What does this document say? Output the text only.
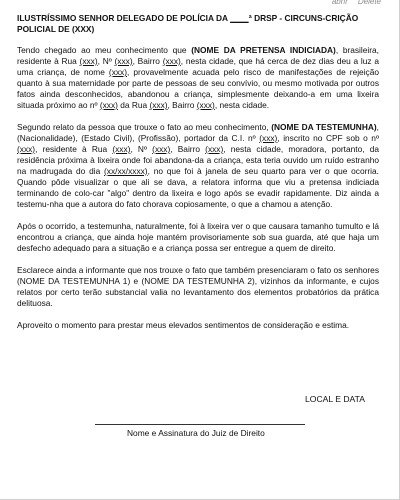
abrir Delete
ILUSTRÍSSIMO SENHOR DELEGADO DE POLÍCIA DA ____ª DRSP - CIRCUNS-CRIÇÃO POLICIAL DE (XXX)

Tendo chegado ao meu conhecimento que (NOME DA PRETENSA INDICIADA), brasileira, residente à Rua (xxx), Nº (xxx), Bairro (xxx), nesta cidade, que há cerca de dez dias deu a luz a uma criança, de nome (xxx), provavelmente acuada pelo risco de manifestações de rejeição quanto à sua maternidade por parte de pessoas de seu convívio, ou mesmo motivada por outros fatos ainda desconhecidos, abandonou a criança, simplesmente deixando-a em uma lixeira situada próximo ao nº (xxx) da Rua (xxx), Bairro (xxx), nesta cidade.

Segundo relato da pessoa que trouxe o fato ao meu conhecimento, (NOME DA TESTEMUNHA), (Nacionalidade), (Estado Civil), (Profissão), portador da C.I. nº (xxx), inscrito no CPF sob o nº (xxx), residente à Rua (xxx), Nº (xxx), Bairro (xxx), nesta cidade, moradora, portanto, da residência próxima à lixeira onde foi abandona-da a criança, esta teria ouvido um ruído estranho na madrugada do dia (xx/xx/xxxx), no que foi à janela de seu quarto para ver o que ocorria. Quando pôde visualizar o que ali se dava, a relatora informa que viu a pretensa indiciada terminando de colo-car "algo" dentro da lixeira e logo após se evadir rapidamente. Diz ainda a testemu-nha que a autora do fato chorava copiosamente, o que a chamou a atenção.

Após o ocorrido, a testemunha, naturalmente, foi à lixeira ver o que causara tamanho tumulto e lá encontrou a criança, que ainda hoje mantém provisoriamente sob sua guarda, até que haja um desfecho adequado para a situação e a criança possa ser entregue a quem de direito.

Esclarece ainda a informante que nos trouxe o fato que também presenciaram o fato os senhores (NOME DA TESTEMUNHA 1) e (NOME DA TESTEMUNHA 2), vizinhos da informante, e cujos relatos por certo terão substancial valia no levantamento dos elementos probatórios da prática delituosa.

Aproveito o momento para prestar meus elevados sentimentos de consideração e estima.

LOCAL E DATA
Nome e Assinatura do Juiz de Direito
